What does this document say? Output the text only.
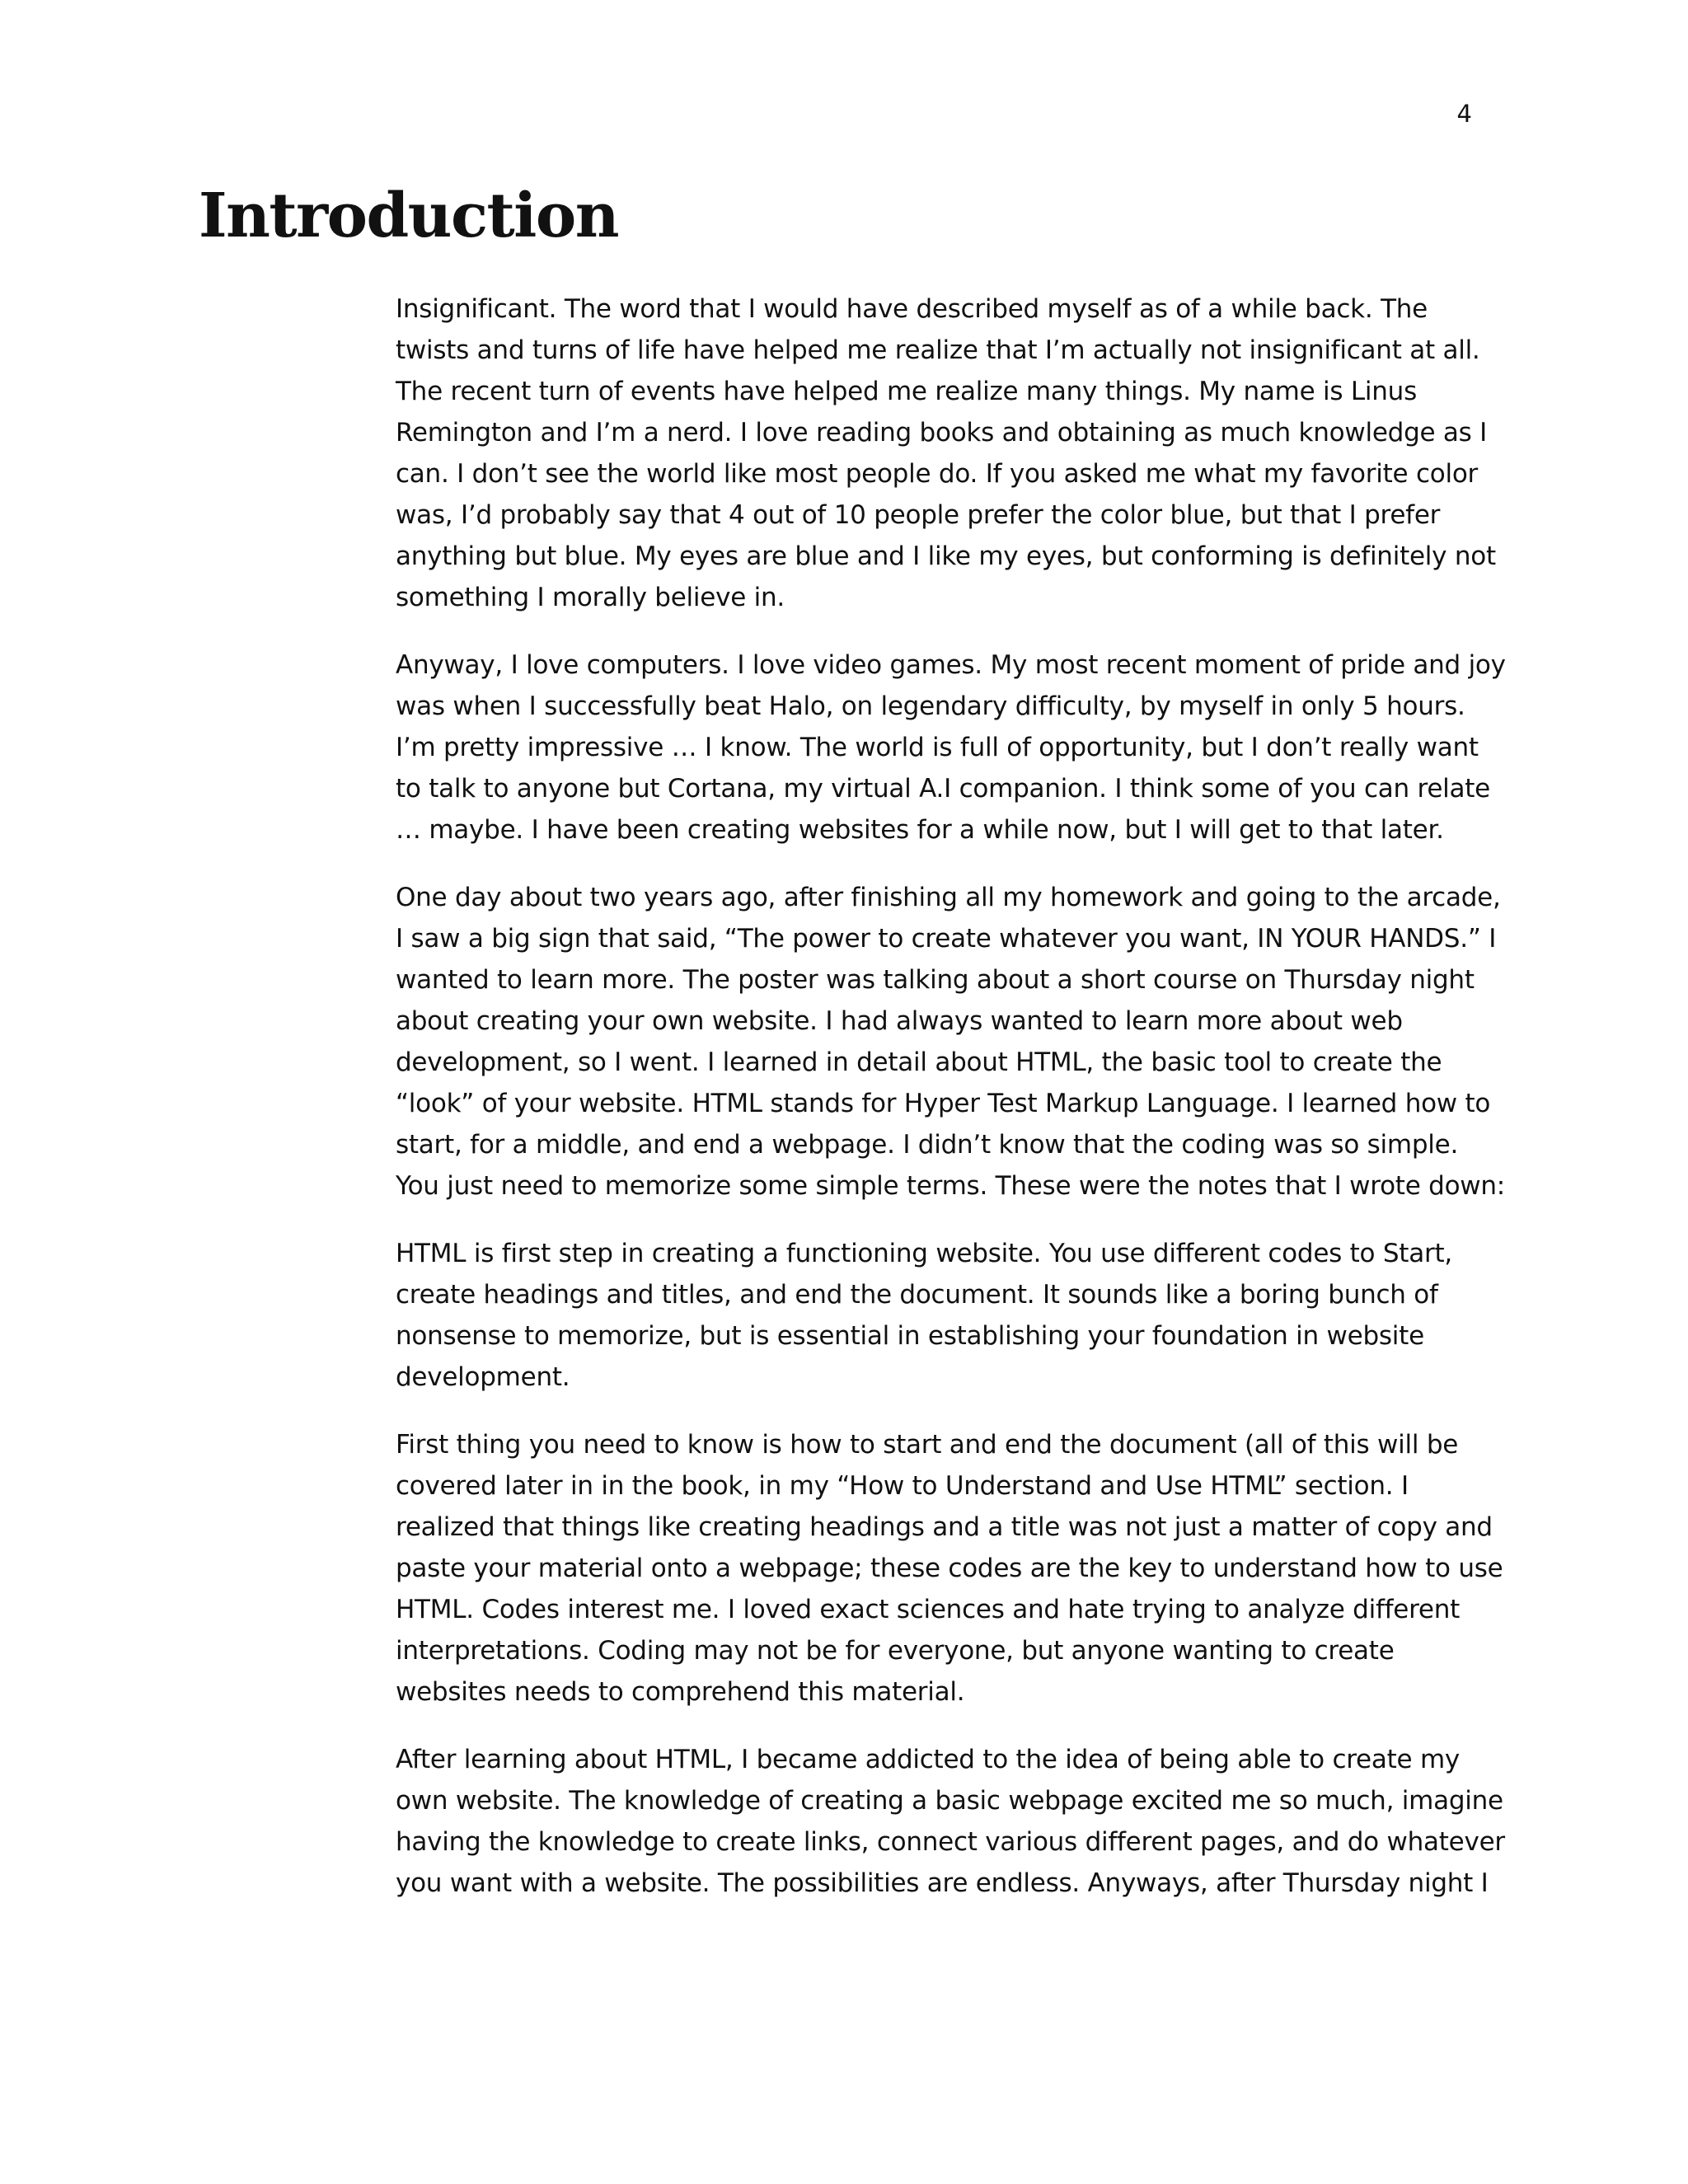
4
Introduction

Insignificant. The word that I would have described myself as of a while back. The twists and turns of life have helped me realize that I’m actually not insignificant at all. The recent turn of events have helped me realize many things. My name is Linus Remington and I’m a nerd. I love reading books and obtaining as much knowledge as I can. I don’t see the world like most people do. If you asked me what my favorite color was, I’d probably say that 4 out of 10 people prefer the color blue, but that I prefer anything but blue. My eyes are blue and I like my eyes, but conforming is definitely not something I morally believe in.

Anyway, I love computers. I love video games. My most recent moment of pride and joy was when I successfully beat Halo, on legendary difficulty, by myself in only 5 hours. I’m pretty impressive … I know. The world is full of opportunity, but I don’t really want to talk to anyone but Cortana, my virtual A.I companion. I think some of you can relate … maybe. I have been creating websites for a while now, but I will get to that later.

One day about two years ago, after finishing all my homework and going to the arcade, I saw a big sign that said, “The power to create whatever you want, IN YOUR HANDS.” I wanted to learn more. The poster was talking about a short course on Thursday night about creating your own website. I had always wanted to learn more about web development, so I went. I learned in detail about HTML, the basic tool to create the “look” of your website. HTML stands for Hyper Test Markup Language. I learned how to start, for a middle, and end a webpage. I didn’t know that the coding was so simple. You just need to memorize some simple terms. These were the notes that I wrote down:

HTML is first step in creating a functioning website. You use different codes to Start, create headings and titles, and end the document. It sounds like a boring bunch of nonsense to memorize, but is essential in establishing your foundation in website development.

First thing you need to know is how to start and end the document (all of this will be covered later in in the book, in my “How to Understand and Use HTML” section. I realized that things like creating headings and a title was not just a matter of copy and paste your material onto a webpage; these codes are the key to understand how to use HTML. Codes interest me. I loved exact sciences and hate trying to analyze different interpretations. Coding may not be for everyone, but anyone wanting to create websites needs to comprehend this material.

After learning about HTML, I became addicted to the idea of being able to create my own website. The knowledge of creating a basic webpage excited me so much, imagine having the knowledge to create links, connect various different pages, and do whatever you want with a website. The possibilities are endless. Anyways, after Thursday night I
